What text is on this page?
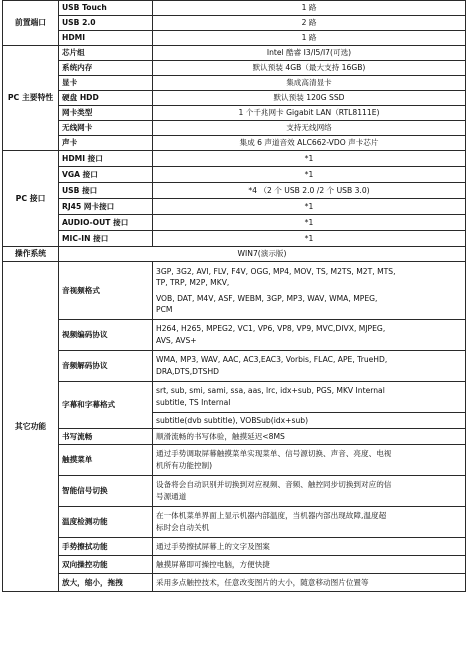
前置端口	USB Touch	1 路
	USB 2.0	2 路
	HDMI	1 路
PC 主要特性	芯片组	Intel 酷睿 I3/I5/I7(可选)
	系统内存	默认预装 4GB（最大支持 16GB)
	显卡	集成高清显卡
	硬盘 HDD	默认预装 120G SSD
	网卡类型	1 个千兆网卡 Gigabit LAN（RTL8111E)
	无线网卡	支持无线网络
	声卡	集成 6 声道音效 ALC662-VDO 声卡芯片
PC 接口	HDMI 接口	*1
	VGA 接口	*1
	USB 接口	*4 （2 个 USB 2.0 /2 个 USB 3.0)
	RJ45 网卡接口	*1
	AUDIO-OUT 接口	*1
	MIC-IN 接口	*1
操作系统	WIN7(演示版)	
其它功能	音视频格式	3GP, 3G2, AVI, FLV, F4V, OGG, MP4, MOV, TS, M2TS, M2T, MTS,
TP, TRP, M2P, MKV,
VOB, DAT, M4V, ASF, WEBM, 3GP, MP3, WAV, WMA, MPEG,
PCM

	视频编码协议	H264, H265, MPEG2, VC1, VP6, VP8, VP9, MVC,DIVX, MJPEG,
AVS, AVS+

	音频解码协议	WMA, MP3, WAV, AAC, AC3,EAC3, Vorbis, FLAC, APE, TrueHD,
DRA,DTS,DTSHD

	字幕和字幕格式	srt, sub, smi, sami, ssa, aas, lrc, idx+sub, PGS, MKV Internal
subtitle, TS Internal

		subtitle(dvb subtitle), VOBSub(idx+sub)
	书写流畅	顺滑流畅的书写体验，触摸延迟<8MS
	触摸菜单	通过手势调取屏幕触摸菜单实现菜单、信号源切换、声音、亮度、电视
机所有功能控制)

	智能信号切换	设备将会自动识别并切换到对应视频、音频、触控同步切换到对应的信
号源通道

	温度检测功能	在一体机菜单界面上显示机器内部温度，当机器内部出现故障,温度超
标时会自动关机

	手势擦拭功能	通过手势擦拭屏幕上的文字及图案
	双向操控功能	触摸屏幕即可操控电脑，方便快捷
	放大，缩小，拖拽	采用多点触控技术，任意改变图片的大小，随意移动图片位置等
